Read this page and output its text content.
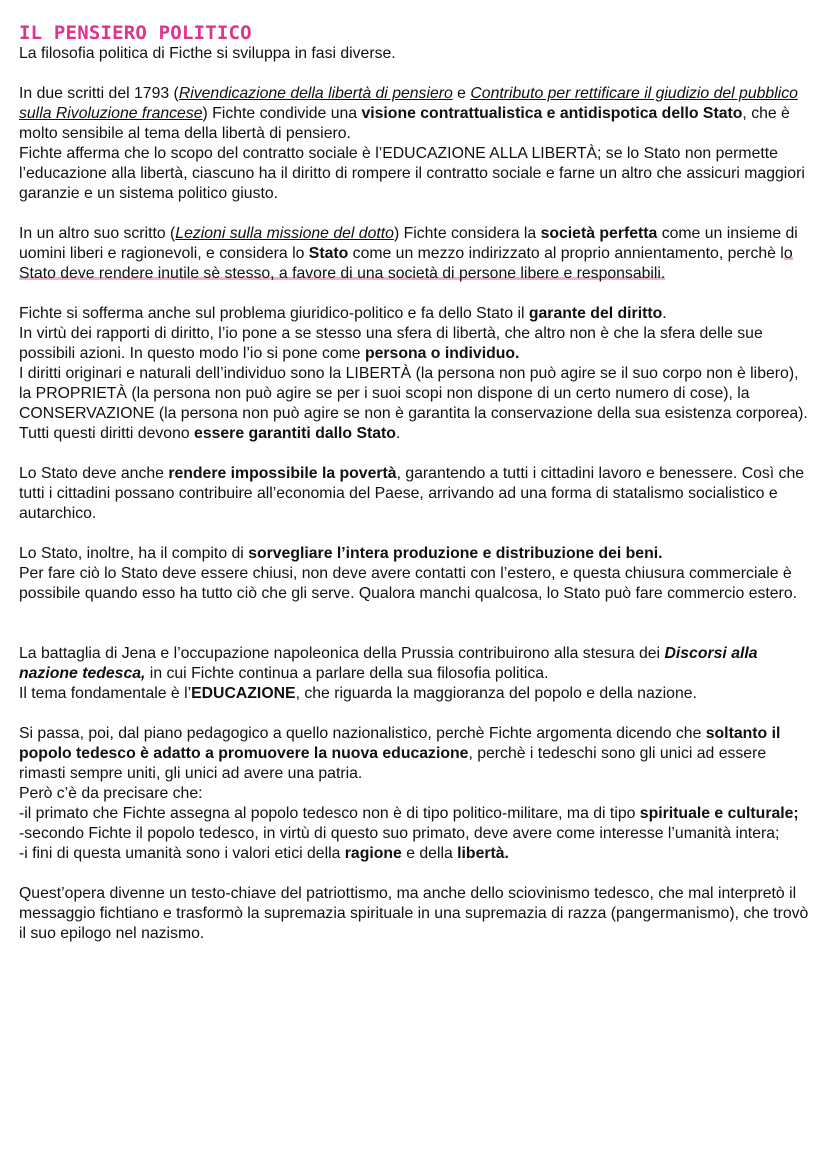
IL PENSIERO POLITICO

La filosofia politica di Ficthe si sviluppa in fasi diverse.

In due scritti del 1793 (Rivendicazione della libertà di pensiero e Contributo per rettificare il giudizio del pubblico sulla Rivoluzione francese) Fichte condivide una visione contrattualistica e antidispotica dello Stato, che è molto sensibile al tema della libertà di pensiero.

Fichte afferma che lo scopo del contratto sociale è l’EDUCAZIONE ALLA LIBERTÀ; se lo Stato non permette l’educazione alla libertà, ciascuno ha il diritto di rompere il contratto sociale e farne un altro che assicuri maggiori garanzie e un sistema politico giusto.

In un altro suo scritto (Lezioni sulla missione del dotto) Fichte considera la società perfetta come un insieme di uomini liberi e ragionevoli, e considera lo Stato come un mezzo indirizzato al proprio annientamento, perchè lo Stato deve rendere inutile sè stesso, a favore di una società di persone libere e responsabili.

Fichte si sofferma anche sul problema giuridico-politico e fa dello Stato il garante del diritto.

In virtù dei rapporti di diritto, l’io pone a se stesso una sfera di libertà, che altro non è che la sfera delle sue possibili azioni. In questo modo l’io si pone come persona o individuo.

I diritti originari e naturali dell’individuo sono la LIBERTÀ (la persona non può agire se il suo corpo non è libero), la PROPRIETÀ (la persona non può agire se per i suoi scopi non dispone di un certo numero di cose), la CONSERVAZIONE (la persona non può agire se non è garantita la conservazione della sua esistenza corporea).

Tutti questi diritti devono essere garantiti dallo Stato.

Lo Stato deve anche rendere impossibile la povertà, garantendo a tutti i cittadini lavoro e benessere. Così che tutti i cittadini possano contribuire all’economia del Paese, arrivando ad una forma di statalismo socialistico e autarchico.

Lo Stato, inoltre, ha il compito di sorvegliare l’intera produzione e distribuzione dei beni.

Per fare ciò lo Stato deve essere chiusi, non deve avere contatti con l’estero, e questa chiusura commerciale è possibile quando esso ha tutto ciò che gli serve. Qualora manchi qualcosa, lo Stato può fare commercio estero.

La battaglia di Jena e l’occupazione napoleonica della Prussia contribuirono alla stesura dei Discorsi alla nazione tedesca, in cui Fichte continua a parlare della sua filosofia politica.

Il tema fondamentale è l’EDUCAZIONE, che riguarda la maggioranza del popolo e della nazione.

Si passa, poi, dal piano pedagogico a quello nazionalistico, perchè Fichte argomenta dicendo che soltanto il popolo tedesco è adatto a promuovere la nuova educazione, perchè i tedeschi sono gli unici ad essere rimasti sempre uniti, gli unici ad avere una patria.

Però c’è da precisare che:

-il primato che Fichte assegna al popolo tedesco non è di tipo politico-militare, ma di tipo spirituale e culturale;

-secondo Fichte il popolo tedesco, in virtù di questo suo primato, deve avere come interesse l’umanità intera;

-i fini di questa umanità sono i valori etici della ragione e della libertà.

Quest’opera divenne un testo-chiave del patriottismo, ma anche dello sciovinismo tedesco, che mal interpretò il messaggio fichtiano e trasformò la supremazia spirituale in una supremazia di razza (pangermanismo), che trovò il suo epilogo nel nazismo.
